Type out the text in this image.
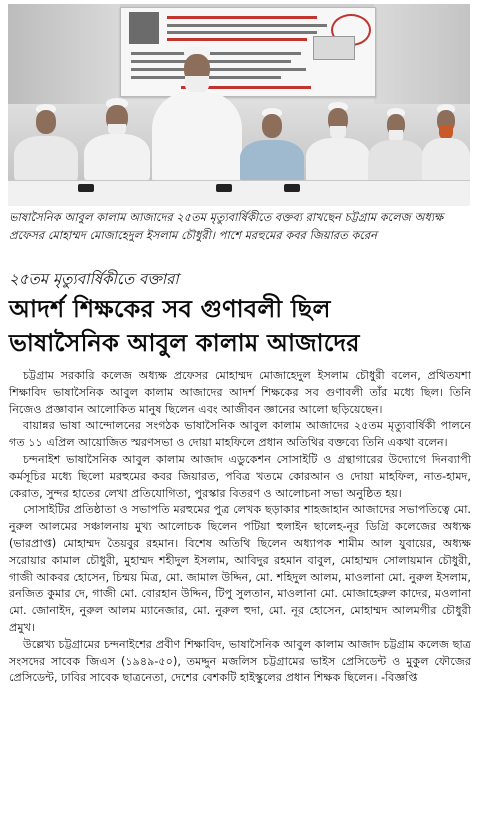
ভাষাসৈনিক আবুল কালাম আজাদের ২৫তম মৃত্যুবার্ষিকীতে বক্তব্য রাখছেন চট্টগ্রাম কলেজ অধ্যক্ষ প্রফেসর মোহাম্মদ মোজাহেদুল ইসলাম চৌধুরী। পাশে মরহুমের কবর জিয়ারত করেন
২৫তম মৃত্যুবার্ষিকীতে বক্তারা
আদর্শ শিক্ষকের সব গুণাবলী ছিল
ভাষাসৈনিক আবুল কালাম আজাদের

চট্টগ্রাম সরকারি কলেজ অধ্যক্ষ প্রফেসর মোহাম্মদ মোজাহেদুল ইসলাম চৌধুরী বলেন, প্রথিতযশা শিক্ষাবিদ ভাষাসৈনিক আবুল কালাম আজাদের আদর্শ শিক্ষকের সব গুণাবলী তাঁর মধ্যে ছিল। তিনি নিজেও প্রজ্ঞাবান আলোকিত মানুষ ছিলেন এবং আজীবন জ্ঞানের আলো ছড়িয়েছেন।

বায়ান্নর ভাষা আন্দোলনের সংগঠক ভাষাসৈনিক আবুল কালাম আজাদের ২৫তম মৃত্যুবার্ষিকী পালনে গত ১১ এপ্রিল আয়োজিত স্মরণসভা ও দোয়া মাহফিলে প্রধান অতিথির বক্তব্যে তিনি একথা বলেন।

চন্দনাইশ ভাষাসৈনিক আবুল কালাম আজাদ এডুকেশন সোসাইটি ও গ্রন্থাগারের উদ্যোগে দিনব্যাপী কর্মসূচির মধ্যে ছিলো মরহুমের কবর জিয়ারত, পবিত্র খতমে কোরআন ও দোয়া মাহফিল, নাত-হামদ, কেরাত, সুন্দর হাতের লেখা প্রতিযোগিতা, পুরস্কার বিতরণ ও আলোচনা সভা অনুষ্ঠিত হয়।

সোসাইটির প্রতিষ্ঠাতা ও সভাপতি মরহুমের পুত্র লেখক ছড়াকার শাহজাহান আজাদের সভাপতিত্বে মো. নুরুল আলমের সঞ্চালনায় মুখ্য আলোচক ছিলেন পটিয়া হুলাইন ছালেহ-নূর ডিগ্রি কলেজের অধ্যক্ষ (ভারপ্রাপ্ত) মোহাম্মদ তৈয়বুর রহমান। বিশেষ অতিথি ছিলেন অধ্যাপক শামীম আল যুবায়ের, অধ্যক্ষ সরোয়ার কামাল চৌধুরী, মুহাম্মদ শহীদুল ইসলাম, আবিদুর রহমান বাবুল, মোহাম্মদ সোলায়মান চৌধুরী, গাজী আকবর হোসেন, চিন্ময় মিত্র, মো. জামাল উদ্দিন, মো. শহিদুল আলম, মাওলানা মো. নুরুল ইসলাম, রনজিত কুমার দে, গাজী মো. বোরহান উদ্দিন, টিপু সুলতান, মাওলানা মো. মোজাহেরুল কাদের, মওলানা মো. জোনাইদ, নুরুল আলম ম্যানেজার, মো. নুরুল হুদা, মো. নূর হোসেন, মোহাম্মদ আলমগীর চৌধুরী প্রমুখ।

উল্লেখ্য চট্টগ্রামের চন্দনাইশের প্রবীণ শিক্ষাবিদ, ভাষাসৈনিক আবুল কালাম আজাদ চট্টগ্রাম কলেজ ছাত্র সংসদের সাবেক জিএস (১৯৪৯-৫০), তমদ্দুন মজলিস চট্টগ্রামের ভাইস প্রেসিডেন্ট ও মুকুল ফৌজের প্রেসিডেন্ট, ঢাবির সাবেক ছাত্রনেতা, দেশের বেশকটি হাইস্কুলের প্রধান শিক্ষক ছিলেন। -বিজ্ঞপ্তি
